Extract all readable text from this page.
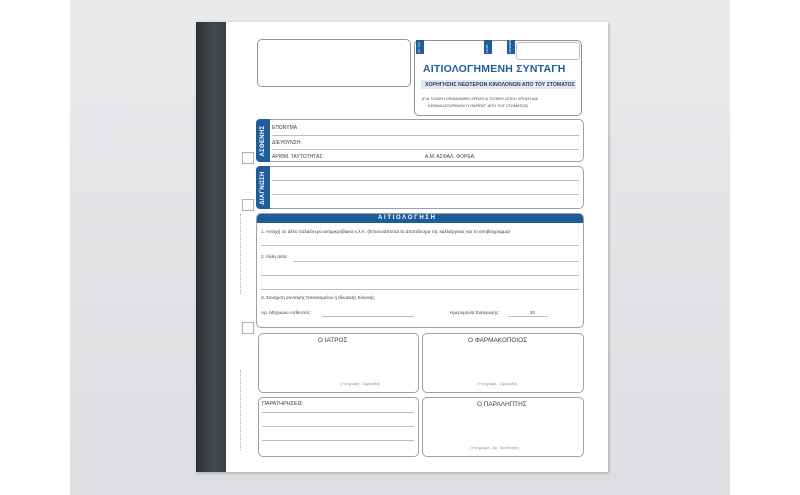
ΑΙΤΙΟΛΟΓΗΜΕΝΗ ΣΥΝΤΑΓΗ
ΧΟΡΗΓΗΣΗΣ ΝΕΩΤΕΡΩΝ ΚΙΝΟΛΟΝΩΝ ΑΠΟ ΤΟΥ ΣΤΟΜΑΤΟΣ
(ΓΙΑ ΤΟΠΙΚΗ ΟΦΘΑΛΜΙΚΗ ΧΡΗΣΗ & ΤΟΠΙΚΗ ΩΤΙΚΗ ΧΡΗΣΗ ΚΑΙ
ΚΕΦΑΛΟΣΠΟΡΙΝΩΝ ΓΙ ΠΑΡΕΝΤ. ΑΠΟ ΤΟΥ ΣΤΟΜΑΤΟΣ)
ΑΣΘΕΝΗΣ ΕΠΩΝΥΜΑ
ΔΙΕΥΘΥΝΣΗ:
ΑΡΙΘΜ. ΤΑΥΤΟΤΗΤΑΣ:	Α.Μ. ΑΣΦΑΛ. ΦΟΡΕΑ:
ΔΙΑΓΝΩΣΗ
Α Ι Τ Ι Ο Λ Ο Γ Η Σ Η
1. Αντοχή σε άλλο παλαιότερο αντιμικροβιακό κ.λ.π. (Επισυνάπτεται το αποτέλεσμα της καλλιέργειας και το αντιβιόγραμμα)
2. Άλλη αιτία
3. Συνέχιση συνταγής Νοσοκομείου ή Ιδιωτικής Κλινικής
Αρ. Μητρώου Ασθενούς:	Ημερομηνία Εισαγωγής:	20
Ο ΙΑΤΡΟΣ
(Υπογραφή - Σφραγίδα)
Ο ΦΑΡΜΑΚΟΠΟΙΟΣ
(Υπογραφή - Σφραγίδα)
ΠΑΡΑΤΗΡΗΣΕΙΣ:	Ο ΠΑΡΑΛΗΠΤΗΣ
(Υπογραφή - Αρ. Ταυτότητας)
ΑΡ. ΤΑΞ	ΣΕΙΡΑ	ΑΡΙΘΜΟΣ
